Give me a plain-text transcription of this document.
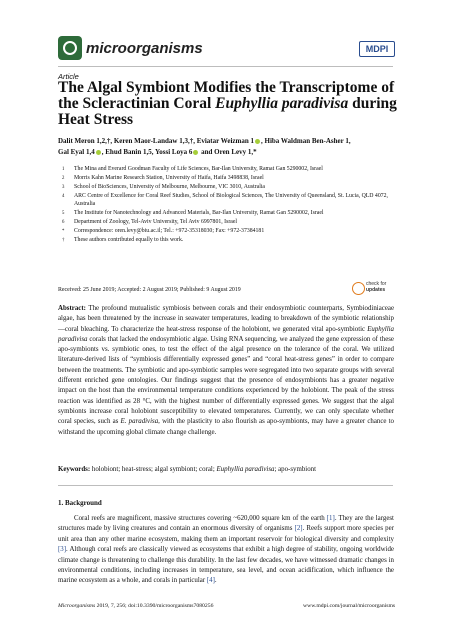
microorganisms	MDPI
Article
The Algal Symbiont Modifies the Transcriptome of the Scleractinian Coral Euphyllia paradivisa during Heat Stress
Dalit Meron 1,2,†, Keren Maor-Landaw 1,3,†, Eviatar Weizman 1 , Hiba Waldman Ben-Asher 1,
Gal Eyal 1,4 , Ehud Banin 1,5, Yossi Loya 6 and Oren Levy 1,*
1 The Mina and Everard Goodman Faculty of Life Sciences, Bar-Ilan University, Ramat Gan 5290002, Israel
2 Morris Kahn Marine Research Station, University of Haifa, Haifa 3498838, Israel
3 School of BioSciences, University of Melbourne, Melbourne, VIC 3010, Australia
4 ARC Centre of Excellence for Coral Reef Studies, School of Biological Sciences, The University of Queensland, St. Lucia, QLD 4072, Australia
5 The Institute for Nanotechnology and Advanced Materials, Bar-Ilan University, Ramat Gan 5290002, Israel
6 Department of Zoology, Tel-Aviv University, Tel Aviv 6997801, Israel
* Correspondence: oren.levy@biu.ac.il; Tel.: +972-35318030; Fax: +972-37384181
† These authors contributed equally to this work.
Received: 25 June 2019; Accepted: 2 August 2019; Published: 9 August 2019
check for
updates
Abstract: The profound mutualistic symbiosis between corals and their endosymbiotic counterparts, Symbiodiniaceae algae, has been threatened by the increase in seawater temperatures, leading to breakdown of the symbiotic relationship—coral bleaching. To characterize the heat-stress response of the holobiont, we generated vital apo-symbiotic Euphyllia paradivisa corals that lacked the endosymbiotic algae. Using RNA sequencing, we analyzed the gene expression of these apo-symbionts vs. symbiotic ones, to test the effect of the algal presence on the tolerance of the coral. We utilized literature-derived lists of “symbiosis differentially expressed genes” and “coral heat-stress genes” in order to compare between the treatments. The symbiotic and apo-symbiotic samples were segregated into two separate groups with several different enriched gene ontologies. Our findings suggest that the presence of endosymbionts has a greater negative impact on the host than the environmental temperature conditions experienced by the holobiont. The peak of the stress reaction was identified as 28 °C, with the highest number of differentially expressed genes. We suggest that the algal symbionts increase coral holobiont susceptibility to elevated temperatures. Currently, we can only speculate whether coral species, such as E. paradivisa, with the plasticity to also flourish as apo-symbionts, may have a greater chance to withstand the upcoming global climate change challenge.
Keywords: holobiont; heat-stress; algal symbiont; coral; Euphyllia paradivisa; apo-symbiont
1. Background
Coral reefs are magnificent, massive structures covering ~620,000 square km of the earth [1]. They are the largest structures made by living creatures and contain an enormous diversity of organisms [2]. Reefs support more species per unit area than any other marine ecosystem, making them an important reservoir for biological diversity and complexity [3]. Although coral reefs are classically viewed as ecosystems that exhibit a high degree of stability, ongoing worldwide climate change is threatening to challenge this durability. In the last few decades, we have witnessed dramatic changes in environmental conditions, including increases in temperature, sea level, and ocean acidification, which influence the marine ecosystem as a whole, and corals in particular [4].
Microorganisms 2019, 7, 256; doi:10.3390/microorganisms7080256	www.mdpi.com/journal/microorganisms
